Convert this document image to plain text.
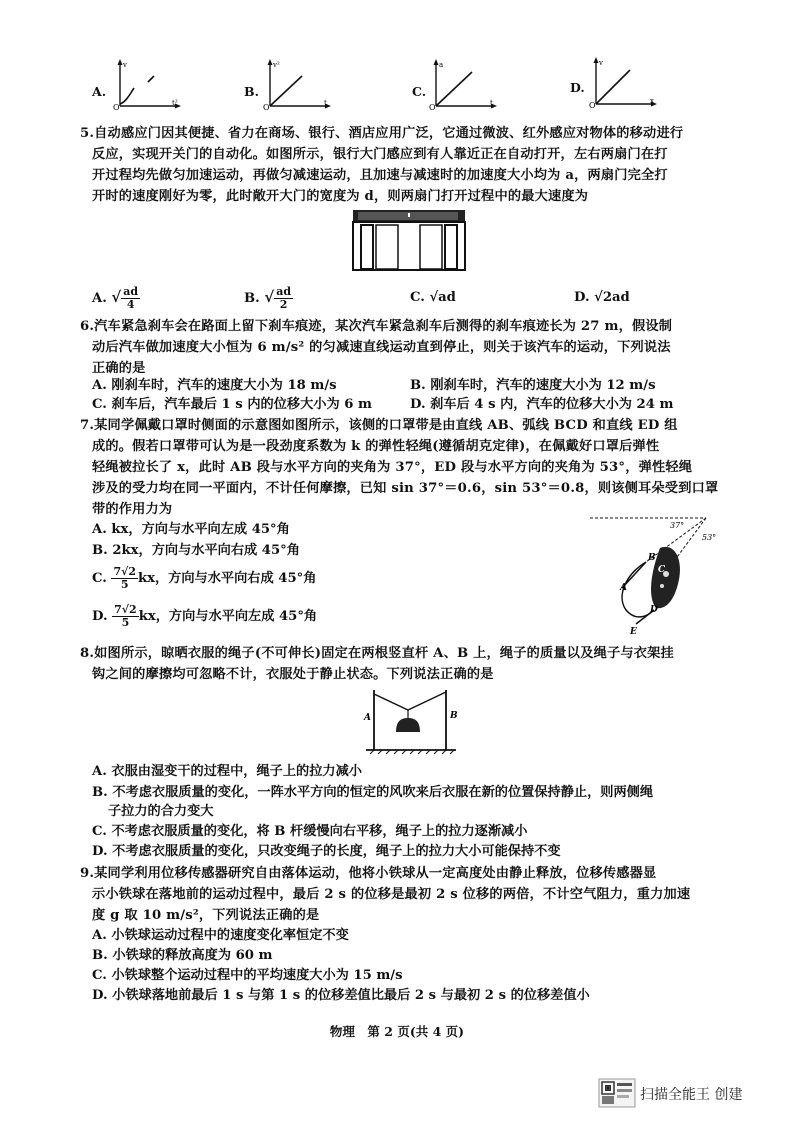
A.
v
t²
O
B.
v²
t
O
C.
a
t
O
D.
v
x
O
5.自动感应门因其便捷、省力在商场、银行、酒店应用广泛，它通过微波、红外感应对物体的移动进行
反应，实现开关门的自动化。如图所示，银行大门感应到有人靠近正在自动打开，左右两扇门在打
开过程均先做匀加速运动，再做匀减速运动，且加速与减速时的加速度大小均为 a，两扇门完全打
开时的速度刚好为零，此时敞开大门的宽度为 d，则两扇门打开过程中的最大速度为
A. √ $\frac{ad}{4}$	B. √ $\frac{ad}{2}$	C. √ad	D. √2ad
6.汽车紧急刹车会在路面上留下刹车痕迹，某次汽车紧急刹车后测得的刹车痕迹长为 27 m，假设制
动后汽车做加速度大小恒为 6 m/s² 的匀减速直线运动直到停止，则关于该汽车的运动，下列说法
正确的是
A. 刚刹车时，汽车的速度大小为 18 m/s	B. 刚刹车时，汽车的速度大小为 12 m/s
C. 刹车后，汽车最后 1 s 内的位移大小为 6 m	D. 刹车后 4 s 内，汽车的位移大小为 24 m
7.某同学佩戴口罩时侧面的示意图如图所示，该侧的口罩带是由直线 AB、弧线 BCD 和直线 ED 组
成的。假若口罩带可认为是一段劲度系数为 k 的弹性轻绳(遵循胡克定律)，在佩戴好口罩后弹性
轻绳被拉长了 x，此时 AB 段与水平方向的夹角为 37°，ED 段与水平方向的夹角为 53°，弹性轻绳
涉及的受力均在同一平面内，不计任何摩擦，已知 sin 37°＝0.6，sin 53°＝0.8，则该侧耳朵受到口罩
带的作用力为
A. kx，方向与水平向左成 45°角
B. 2kx，方向与水平向右成 45°角
C. $\frac{7√2}{5}$ kx，方向与水平向右成 45°角
D. $\frac{7√2}{5}$ kx，方向与水平向左成 45°角
37°
53°
B
A
C
D
E
8.如图所示，晾晒衣服的绳子(不可伸长)固定在两根竖直杆 A、B 上，绳子的质量以及绳子与衣架挂
钩之间的摩擦均可忽略不计，衣服处于静止状态。下列说法正确的是
A	B
A. 衣服由湿变干的过程中，绳子上的拉力减小
B. 不考虑衣服质量的变化，一阵水平方向的恒定的风吹来后衣服在新的位置保持静止，则两侧绳
子拉力的合力变大
C. 不考虑衣服质量的变化，将 B 杆缓慢向右平移，绳子上的拉力逐渐减小
D. 不考虑衣服质量的变化，只改变绳子的长度，绳子上的拉力大小可能保持不变
9.某同学利用位移传感器研究自由落体运动，他将小铁球从一定高度处由静止释放，位移传感器显
示小铁球在落地前的运动过程中，最后 2 s 的位移是最初 2 s 位移的两倍，不计空气阻力，重力加速
度 g 取 10 m/s²，下列说法正确的是
A. 小铁球运动过程中的速度变化率恒定不变
B. 小铁球的释放高度为 60 m
C. 小铁球整个运动过程中的平均速度大小为 15 m/s
D. 小铁球落地前最后 1 s 与第 1 s 的位移差值比最后 2 s 与最初 2 s 的位移差值小
物理　第 2 页(共 4 页)
扫描全能王 创建
